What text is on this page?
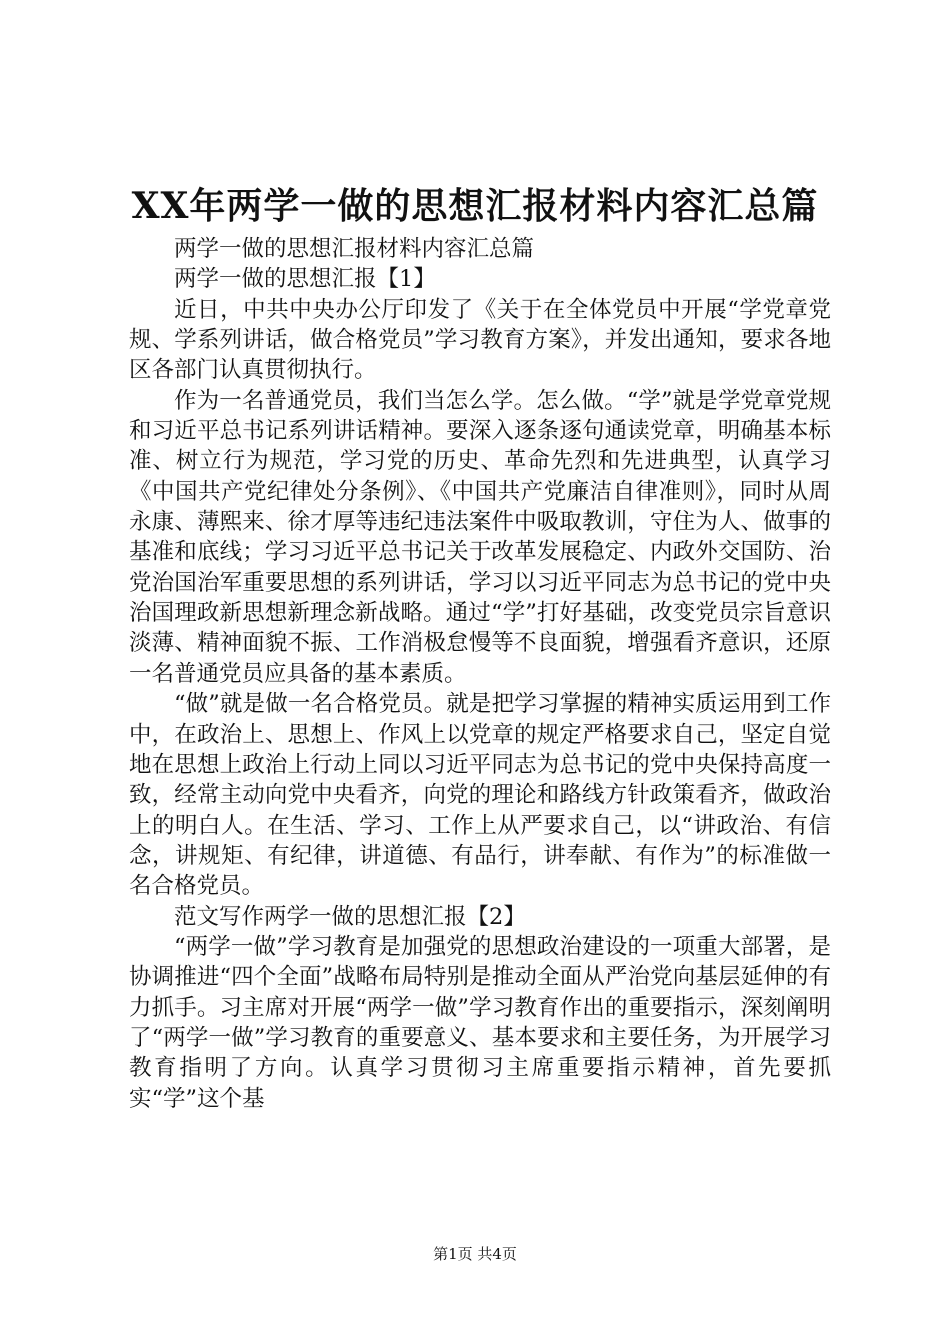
XX年两学一做的思想汇报材料内容汇总篇

两学一做的思想汇报材料内容汇总篇

两学一做的思想汇报【1】

近日，中共中央办公厅印发了《关于在全体党员中开展“学党章党规、学系列讲话，做合格党员”学习教育方案》，并发出通知，要求各地区各部门认真贯彻执行。

作为一名普通党员，我们当怎么学。怎么做。“学”就是学党章党规和习近平总书记系列讲话精神。要深入逐条逐句通读党章，明确基本标准、树立行为规范，学习党的历史、革命先烈和先进典型，认真学习《中国共产党纪律处分条例》、《中国共产党廉洁自律准则》，同时从周永康、薄熙来、徐才厚等违纪违法案件中吸取教训，守住为人、做事的基准和底线；学习习近平总书记关于改革发展稳定、内政外交国防、治党治国治军重要思想的系列讲话，学习以习近平同志为总书记的党中央治国理政新思想新理念新战略。通过“学”打好基础，改变党员宗旨意识淡薄、精神面貌不振、工作消极怠慢等不良面貌，增强看齐意识，还原一名普通党员应具备的基本素质。

“做”就是做一名合格党员。就是把学习掌握的精神实质运用到工作中，在政治上、思想上、作风上以党章的规定严格要求自己，坚定自觉地在思想上政治上行动上同以习近平同志为总书记的党中央保持高度一致，经常主动向党中央看齐，向党的理论和路线方针政策看齐，做政治上的明白人。在生活、学习、工作上从严要求自己，以“讲政治、有信念，讲规矩、有纪律，讲道德、有品行，讲奉献、有作为”的标准做一名合格党员。

范文写作两学一做的思想汇报【2】

“两学一做”学习教育是加强党的思想政治建设的一项重大部署，是协调推进“四个全面”战略布局特别是推动全面从严治党向基层延伸的有力抓手。习主席对开展“两学一做”学习教育作出的重要指示，深刻阐明了“两学一做”学习教育的重要意义、基本要求和主要任务，为开展学习教育指明了方向。认真学习贯彻习主席重要指示精神，首先要抓实“学”这个基

第1页 共4页
